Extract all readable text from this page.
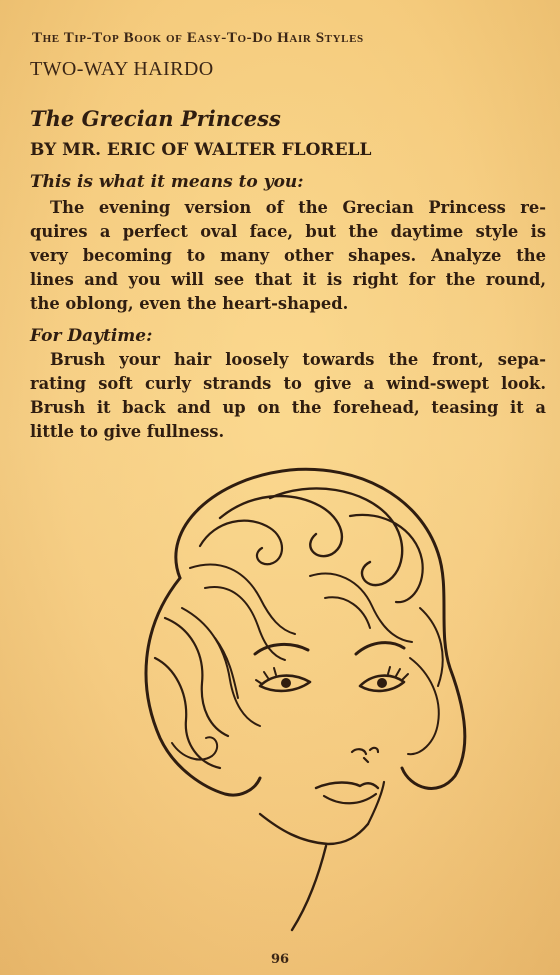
The Tip-Top Book of Easy-To-Do Hair Styles
TWO-WAY HAIRDO
The Grecian Princess
BY MR. ERIC OF WALTER FLORELL
This is what it means to you:
The evening version of the Grecian Princess re-
quires a perfect oval face, but the daytime style is
very becoming to many other shapes. Analyze the
lines and you will see that it is right for the round,
the oblong, even the heart-shaped.
For Daytime:
Brush your hair loosely towards the front, sepa-
rating soft curly strands to give a wind-swept look.
Brush it back and up on the forehead, teasing it a
little to give fullness.
96
